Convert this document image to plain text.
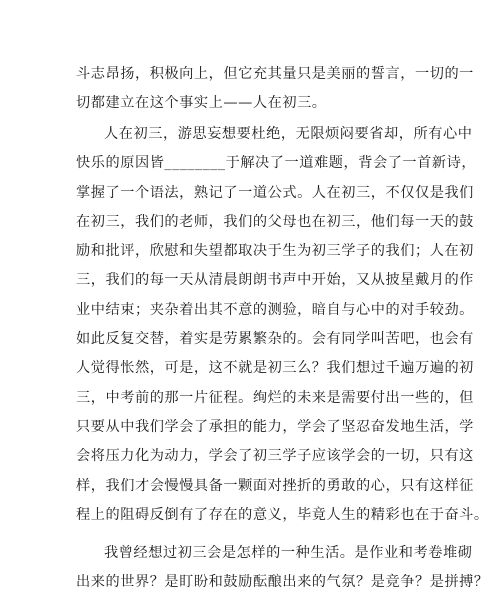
斗志昂扬，积极向上，但它充其量只是美丽的誓言，一切的一
切都建立在这个事实上——人在初三。

人在初三，游思妄想要杜绝，无限烦闷要省却，所有心中
快乐的原因皆________于解决了一道难题，背会了一首新诗，
掌握了一个语法，熟记了一道公式。人在初三，不仅仅是我们
在初三，我们的老师，我们的父母也在初三，他们每一天的鼓
励和批评，欣慰和失望都取决于生为初三学子的我们；人在初
三，我们的每一天从清晨朗朗书声中开始，又从披星戴月的作
业中结束；夹杂着出其不意的测验，暗自与心中的对手较劲。
如此反复交替，着实是劳累繁杂的。会有同学叫苦吧，也会有
人觉得怅然，可是，这不就是初三么？我们想过千遍万遍的初
三，中考前的那一片征程。绚烂的未来是需要付出一些的，但
只要从中我们学会了承担的能力，学会了坚忍奋发地生活，学
会将压力化为动力，学会了初三学子应该学会的一切，只有这
样，我们才会慢慢具备一颗面对挫折的勇敢的心，只有这样征
程上的阻碍反倒有了存在的意义，毕竟人生的精彩也在于奋斗。

我曾经想过初三会是怎样的一种生活。是作业和考卷堆砌
出来的世界？是盯盼和鼓励酝酿出来的气氛？是竞争？是拼搏？
